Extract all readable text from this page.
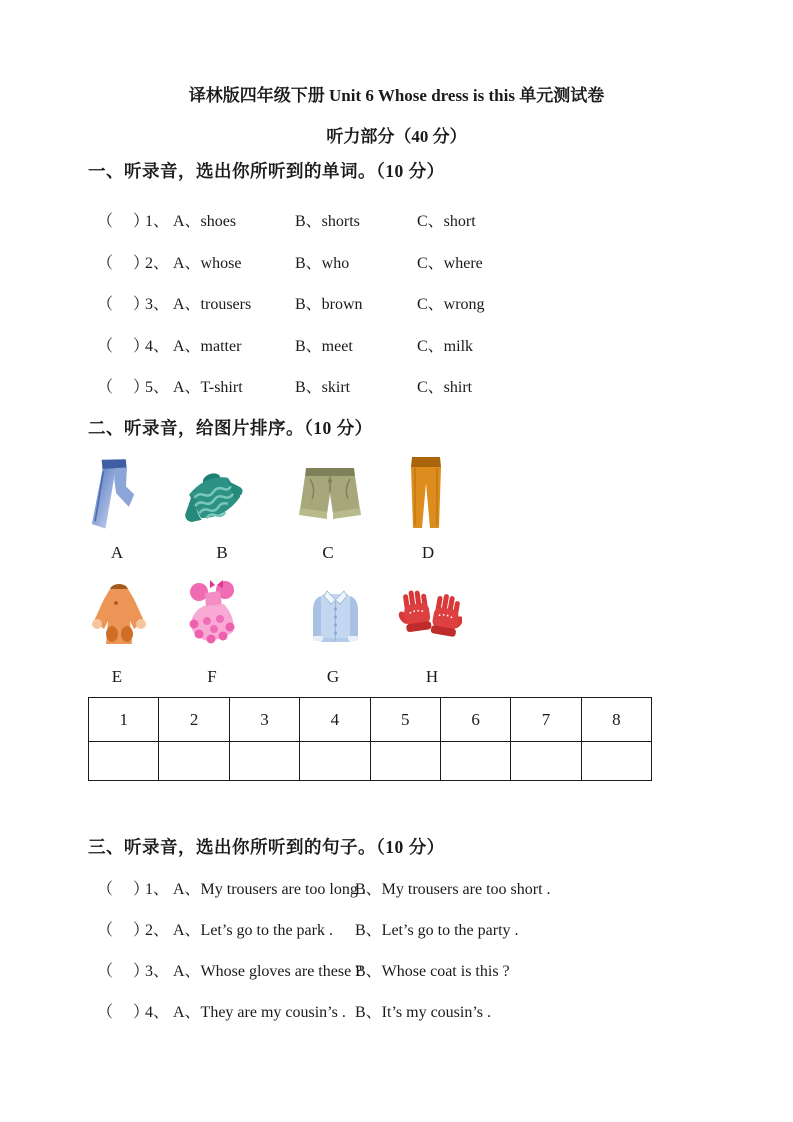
译林版四年级下册 Unit 6 Whose dress is this 单元测试卷
听力部分（40 分）
一、听录音，选出你所听到的单词。（10 分）
（　）
1、 A、shoes	B、shorts	C、short
（　）
2、 A、whose	B、who	C、where
（　）
3、 A、trousers	B、brown	C、wrong
（　）
4、 A、matter	B、meet	C、milk
（　）
5、 A、T-shirt	B、skirt	C、shirt
二、听录音，给图片排序。（10 分）
A	B	C	D
E	F	G	H
1	2	3	4	5	6	7	8

三、听录音，选出你所听到的句子。（10 分）
（　）
1、 A、My trousers are too long .
B、My trousers are too short .
（　）
2、 A、Let’s go to the park .	B、Let’s go to the party .
（　）
3、 A、Whose gloves are these ?
B、Whose coat is this ?
（　）
4、 A、They are my cousin’s . B、It’s my cousin’s .
